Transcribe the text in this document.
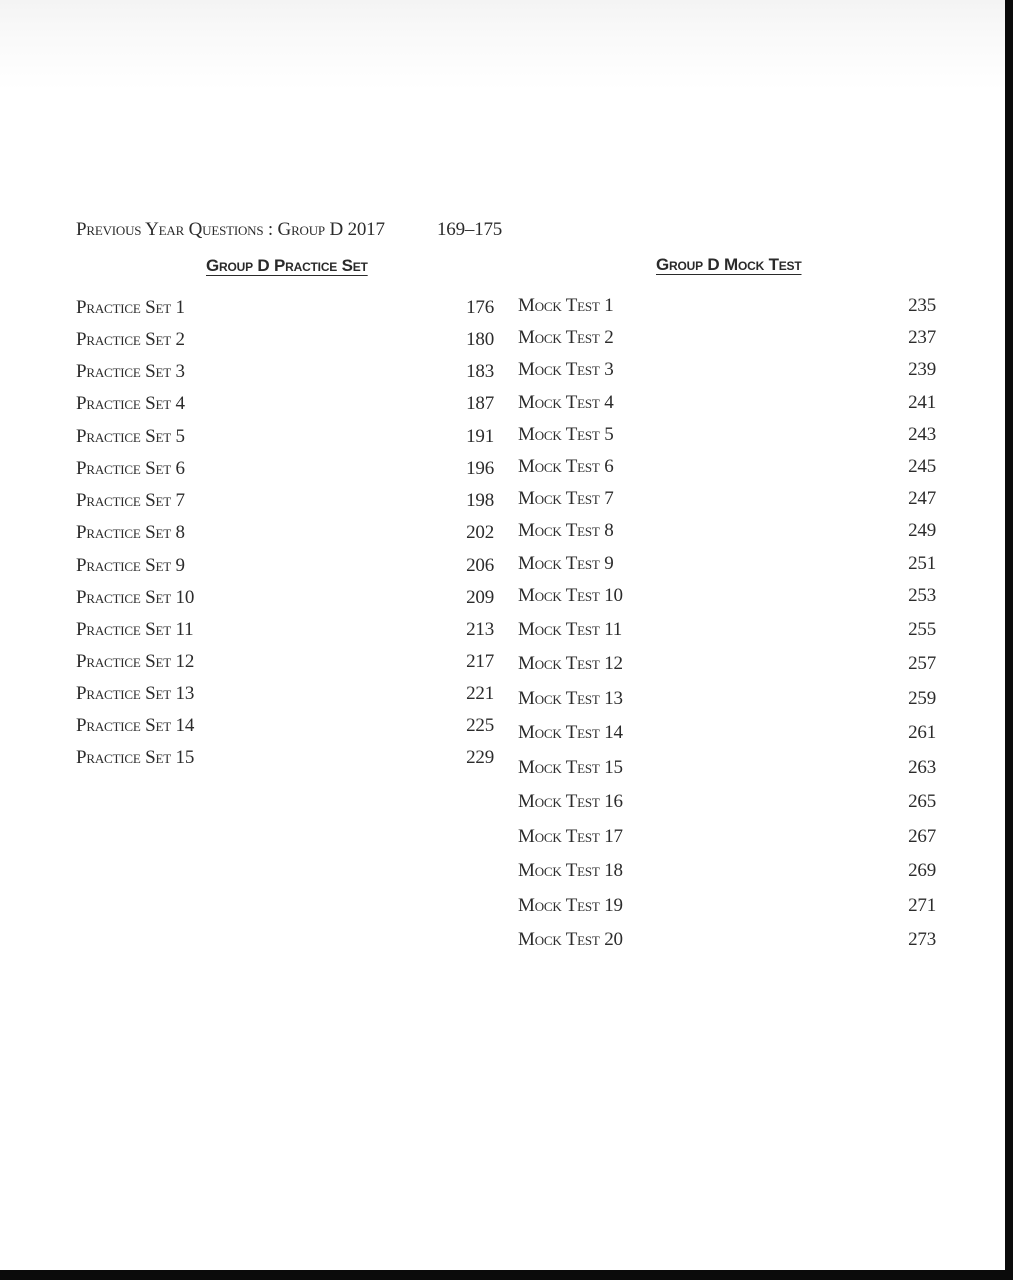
Previous Year Questions : Group D 2017	169–175
Group D Practice Set	Group D Mock Test
Practice Set 1	176
Practice Set 2	180
Practice Set 3	183
Practice Set 4	187
Practice Set 5	191
Practice Set 6	196
Practice Set 7	198
Practice Set 8	202
Practice Set 9	206
Practice Set 10	209
Practice Set 11	213
Practice Set 12	217
Practice Set 13	221
Practice Set 14	225
Practice Set 15	229
Mock Test 1	235
Mock Test 2	237
Mock Test 3	239
Mock Test 4	241
Mock Test 5	243
Mock Test 6	245
Mock Test 7	247
Mock Test 8	249
Mock Test 9	251
Mock Test 10	253
Mock Test 11	255
Mock Test 12	257
Mock Test 13	259
Mock Test 14	261
Mock Test 15	263
Mock Test 16	265
Mock Test 17	267
Mock Test 18	269
Mock Test 19	271
Mock Test 20	273
